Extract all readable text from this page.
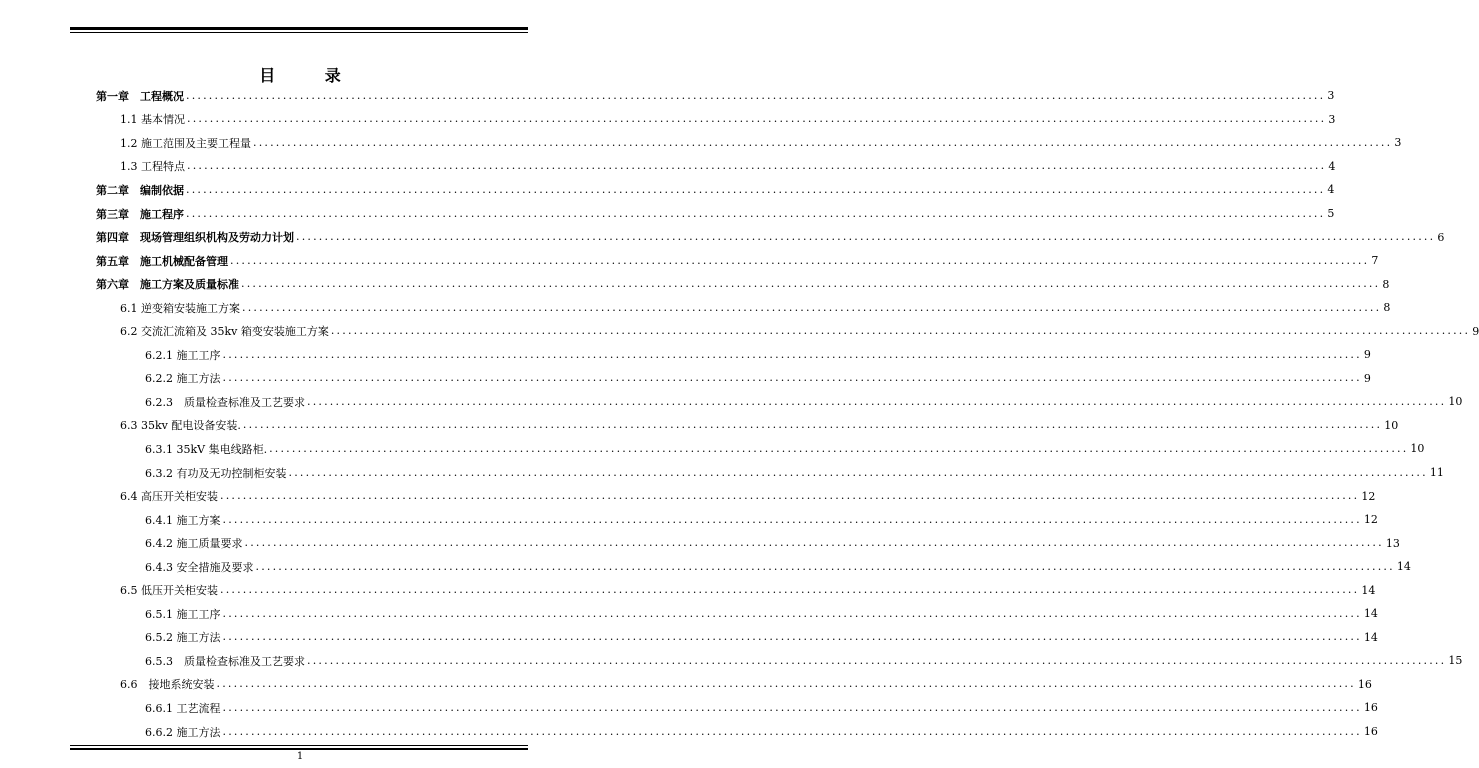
目 录
第一章　工程概况 ........................................................................................................................................................................................................ 3
1.1 基本情况 ........................................................................................................................................................................................................ 3
1.2 施工范围及主要工程量 ........................................................................................................................................................................................................ 3
1.3 工程特点 ........................................................................................................................................................................................................ 4
第二章　编制依据 ........................................................................................................................................................................................................ 4
第三章　施工程序 ........................................................................................................................................................................................................ 5
第四章　现场管理组织机构及劳动力计划 ........................................................................................................................................................................................................ 6
第五章　施工机械配备管理 ........................................................................................................................................................................................................ 7
第六章　施工方案及质量标准 ........................................................................................................................................................................................................ 8
6.1 逆变箱安装施工方案 ........................................................................................................................................................................................................ 8
6.2 交流汇流箱及 35kv 箱变安装施工方案 ........................................................................................................................................................................................................ 9
6.2.1 施工工序 ........................................................................................................................................................................................................ 9
6.2.2 施工方法 ........................................................................................................................................................................................................ 9
6.2.3　质量检查标准及工艺要求 ........................................................................................................................................................................................................ 10
6.3 35kv 配电设备安装. ........................................................................................................................................................................................................ 10
6.3.1 35kV 集电线路柜. ........................................................................................................................................................................................................ 10
6.3.2 有功及无功控制柜安装 ........................................................................................................................................................................................................ 11
6.4 高压开关柜安装 ........................................................................................................................................................................................................ 12
6.4.1 施工方案 ........................................................................................................................................................................................................ 12
6.4.2 施工质量要求 ........................................................................................................................................................................................................ 13
6.4.3 安全措施及要求 ........................................................................................................................................................................................................ 14
6.5 低压开关柜安装 ........................................................................................................................................................................................................ 14
6.5.1 施工工序 ........................................................................................................................................................................................................ 14
6.5.2 施工方法 ........................................................................................................................................................................................................ 14
6.5.3　质量检查标准及工艺要求 ........................................................................................................................................................................................................ 15
6.6　接地系统安装 ........................................................................................................................................................................................................ 16
6.6.1 工艺流程 ........................................................................................................................................................................................................ 16
6.6.2 施工方法 ........................................................................................................................................................................................................ 16
1
